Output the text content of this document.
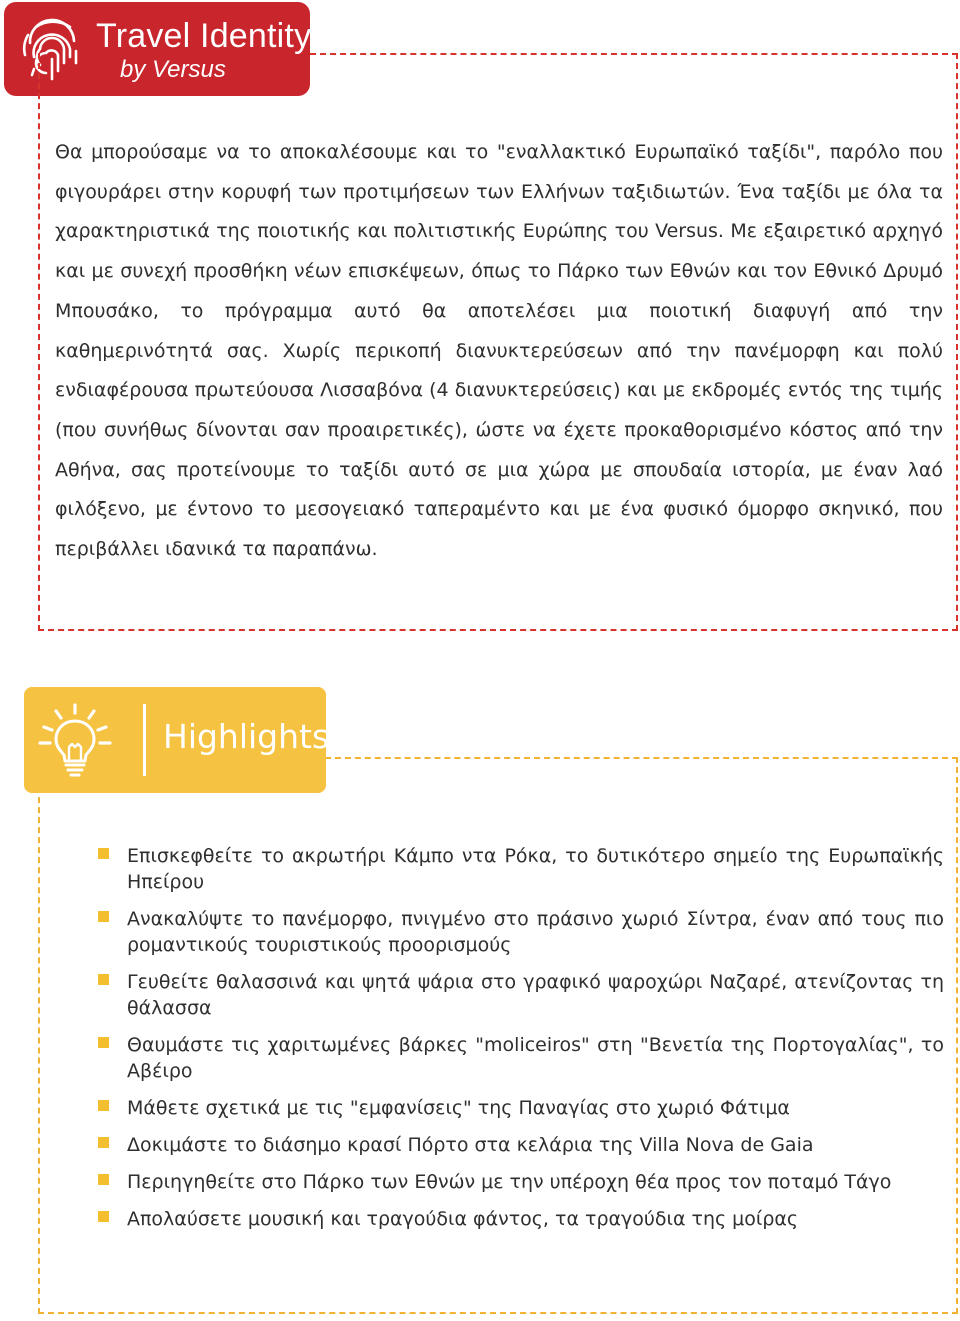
Travel Identity
by Versus

Θα μπορούσαμε να το αποκαλέσουμε και το "εναλλακτικό Ευρωπαϊκό ταξίδι", παρόλο που φιγουράρει στην κορυφή των προτιμήσεων των Ελλήνων ταξιδιωτών. Ένα ταξίδι με όλα τα χαρακτηριστικά της ποιοτικής και πολιτιστικής Ευρώπης του Versus. Με εξαιρετικό αρχηγό και με συνεχή προσθήκη νέων επισκέψεων, όπως το Πάρκο των Εθνών και τον Εθνικό Δρυμό Μπουσάκο, το πρόγραμμα αυτό θα αποτελέσει μια ποιοτική διαφυγή από την καθημερινότητά σας. Χωρίς περικοπή διανυκτερεύσεων από την πανέμορφη και πολύ ενδιαφέρουσα πρωτεύουσα Λισσαβόνα (4 διανυκτερεύσεις) και με εκδρομές εντός της τιμής (που συνήθως δίνονται σαν προαιρετικές), ώστε να έχετε προκαθορισμένο κόστος από την Αθήνα, σας προτείνουμε το ταξίδι αυτό σε μια χώρα με σπουδαία ιστορία, με έναν λαό φιλόξενο, με έντονο το μεσογειακό ταπεραμέντο και με ένα φυσικό όμορφο σκηνικό, που περιβάλλει ιδανικά τα παραπάνω.

Highlights
Επισκεφθείτε το ακρωτήρι Κάμπο ντα Ρόκα, το δυτικότερο σημείο της Ευρωπαϊκής Ηπείρου
Ανακαλύψτε το πανέμορφο, πνιγμένο στο πράσινο χωριό Σίντρα, έναν από τους πιο ρομαντικούς τουριστικούς προορισμούς
Γευθείτε θαλασσινά και ψητά ψάρια στο γραφικό ψαροχώρι Ναζαρέ, ατενίζοντας τη θάλασσα
Θαυμάστε τις χαριτωμένες βάρκες "moliceiros" στη "Βενετία της Πορτογαλίας", το Αβέιρο
Μάθετε σχετικά με τις "εμφανίσεις" της Παναγίας στο χωριό Φάτιμα
Δοκιμάστε το διάσημο κρασί Πόρτο στα κελάρια της Villa Nova de Gaia
Περιηγηθείτε στο Πάρκο των Εθνών με την υπέροχη θέα προς τον ποταμό Τάγο
Απολαύσετε μουσική και τραγούδια φάντος, τα τραγούδια της μοίρας
